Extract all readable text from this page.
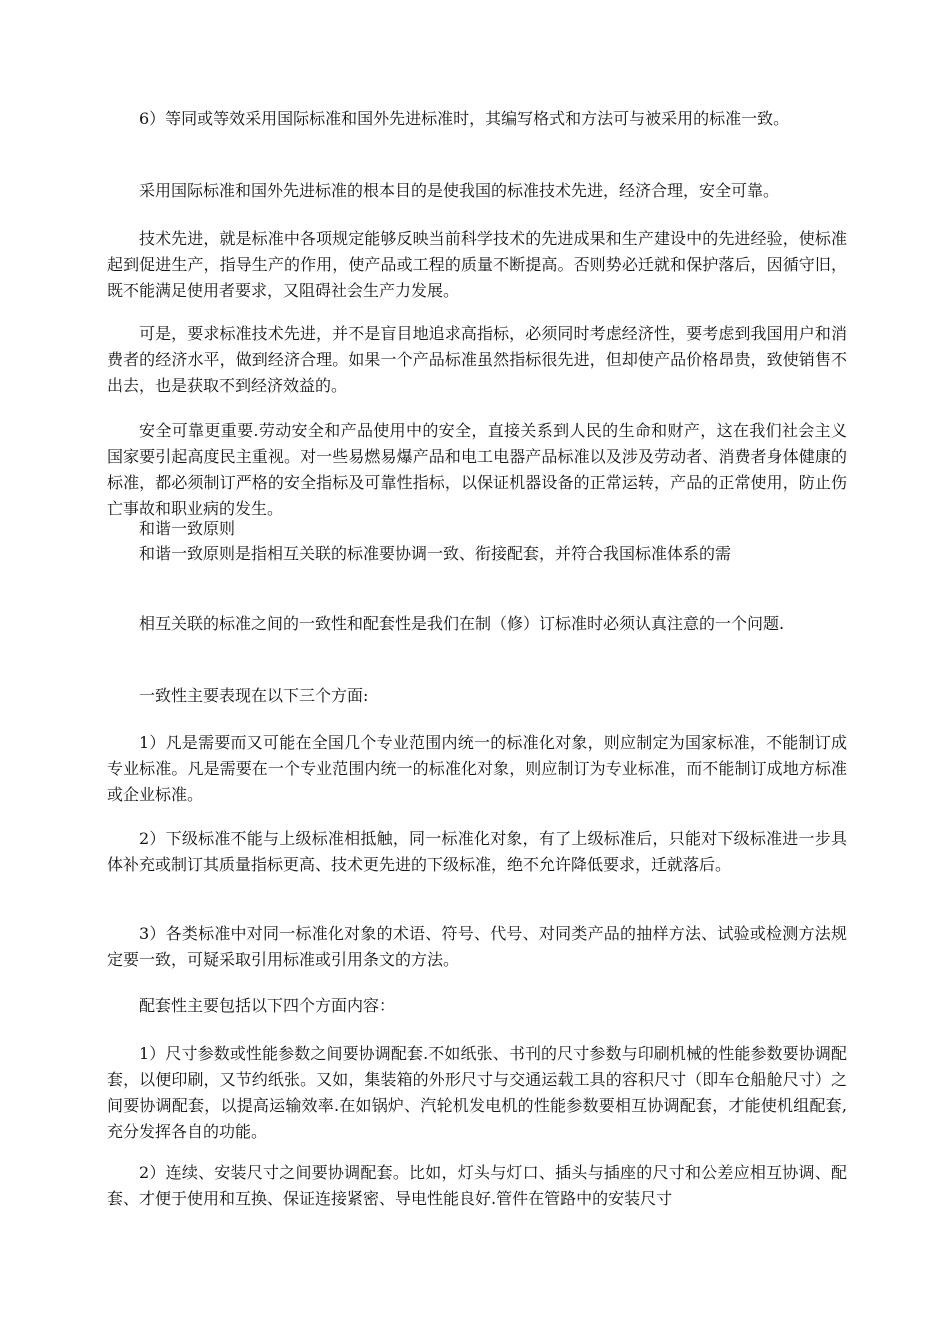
6）等同或等效采用国际标准和国外先进标准时，其编写格式和方法可与被采用的标准一致。

采用国际标准和国外先进标准的根本目的是使我国的标准技术先进，经济合理，安全可靠。

技术先进，就是标准中各项规定能够反映当前科学技术的先进成果和生产建设中的先进经验，使标准起到促进生产，指导生产的作用，使产品或工程的质量不断提高。否则势必迁就和保护落后，因循守旧，既不能满足使用者要求，又阻碍社会生产力发展。

可是，要求标准技术先进，并不是盲目地追求高指标，必须同时考虑经济性，要考虑到我国用户和消费者的经济水平，做到经济合理。如果一个产品标准虽然指标很先进，但却使产品价格昂贵，致使销售不出去，也是获取不到经济效益的。

安全可靠更重要.劳动安全和产品使用中的安全，直接关系到人民的生命和财产，这在我们社会主义国家要引起高度民主重视。对一些易燃易爆产品和电工电器产品标准以及涉及劳动者、消费者身体健康的标准，都必须制订严格的安全指标及可靠性指标，以保证机器设备的正常运转，产品的正常使用，防止伤亡事故和职业病的发生。

和谐一致原则

和谐一致原则是指相互关联的标准要协调一致、衔接配套，并符合我国标准体系的需

相互关联的标准之间的一致性和配套性是我们在制（修）订标准时必须认真注意的一个问题.

一致性主要表现在以下三个方面:

1）凡是需要而又可能在全国几个专业范围内统一的标准化对象，则应制定为国家标准，不能制订成专业标准。凡是需要在一个专业范围内统一的标准化对象，则应制订为专业标准，而不能制订成地方标准或企业标准。

2）下级标准不能与上级标准相抵触，同一标准化对象，有了上级标准后，只能对下级标准进一步具体补充或制订其质量指标更高、技术更先进的下级标准，绝不允许降低要求，迁就落后。

3）各类标准中对同一标准化对象的术语、符号、代号、对同类产品的抽样方法、试验或检测方法规定要一致，可疑采取引用标准或引用条文的方法。

配套性主要包括以下四个方面内容：

1）尺寸参数或性能参数之间要协调配套.不如纸张、书刊的尺寸参数与印刷机械的性能参数要协调配套，以便印刷，又节约纸张。又如，集装箱的外形尺寸与交通运载工具的容积尺寸（即车仓船舱尺寸）之间要协调配套，以提高运输效率.在如锅炉、汽轮机发电机的性能参数要相互协调配套，才能使机组配套,充分发挥各自的功能。

2）连续、安装尺寸之间要协调配套。比如，灯头与灯口、插头与插座的尺寸和公差应相互协调、配套、才便于使用和互换、保证连接紧密、导电性能良好.管件在管路中的安装尺寸
